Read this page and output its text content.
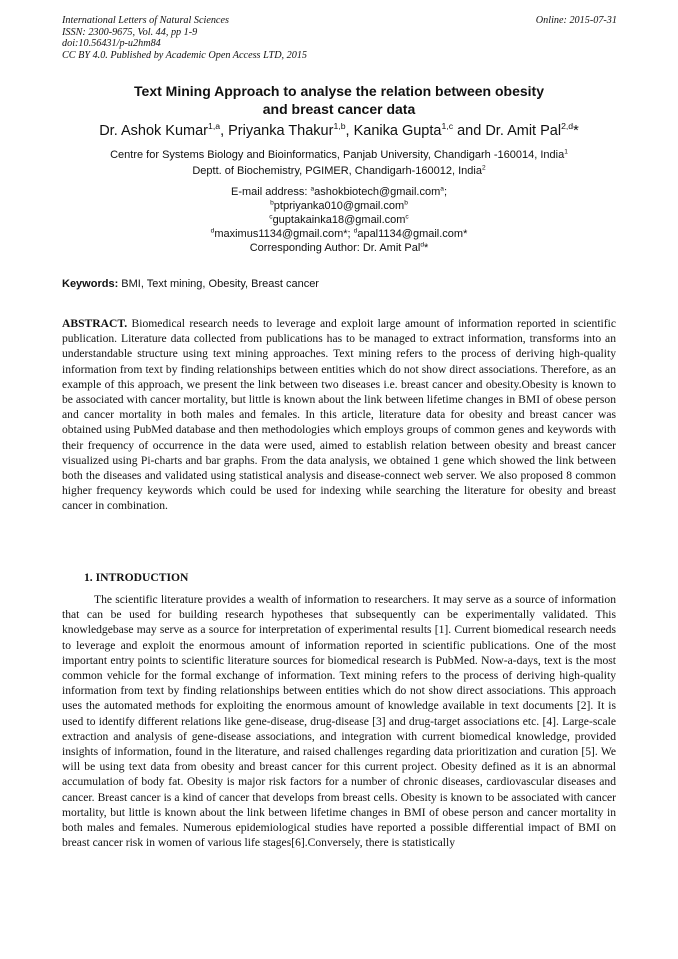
International Letters of Natural Sciences
ISSN: 2300-9675, Vol. 44, pp 1-9
doi:10.56431/p-u2hm84
CC BY 4.0. Published by Academic Open Access LTD, 2015
Online: 2015-07-31
Text Mining Approach to analyse the relation between obesity
and breast cancer data
Dr. Ashok Kumar$^{1,a}$, Priyanka Thakur$^{1,b}$, Kanika Gupta$^{1,c}$ and Dr. Amit Pal$^{2,d}$*
Centre for Systems Biology and Bioinformatics, Panjab University, Chandigarh -160014, India$^1$
Deptt. of Biochemistry, PGIMER, Chandigarh-160012, India$^2$
E-mail address: $^a$ashokbiotech@gmail.com$^a$;
$^b$ptpriyanka010@gmail.com$^b$
$^c$guptakainka18@gmail.com$^c$
$^d$maximus1134@gmail.com*; $^d$apal1134@gmail.com*
Corresponding Author: Dr. Amit Pal$^d$*
Keywords: BMI, Text mining, Obesity, Breast cancer

ABSTRACT. Biomedical research needs to leverage and exploit large amount of information reported in scientific publication. Literature data collected from publications has to be managed to extract information, transforms into an understandable structure using text mining approaches. Text mining refers to the process of deriving high-quality information from text by finding relationships between entities which do not show direct associations. Therefore, as an example of this approach, we present the link between two diseases i.e. breast cancer and obesity.Obesity is known to be associated with cancer mortality, but little is known about the link between lifetime changes in BMI of obese person and cancer mortality in both males and females. In this article, literature data for obesity and breast cancer was obtained using PubMed database and then methodologies which employs groups of common genes and keywords with their frequency of occurrence in the data were used, aimed to establish relation between obesity and breast cancer visualized using Pi-charts and bar graphs. From the data analysis, we obtained 1 gene which showed the link between both the diseases and validated using statistical analysis and disease-connect web server. We also proposed 8 common higher frequency keywords which could be used for indexing while searching the literature for obesity and breast cancer in combination.

1. INTRODUCTION

The scientific literature provides a wealth of information to researchers. It may serve as a source of information that can be used for building research hypotheses that subsequently can be experimentally validated. This knowledgebase may serve as a source for interpretation of experimental results [1]. Current biomedical research needs to leverage and exploit the enormous amount of information reported in scientific publications. One of the most important entry points to scientific literature sources for biomedical research is PubMed. Now-a-days, text is the most common vehicle for the formal exchange of information. Text mining refers to the process of deriving high-quality information from text by finding relationships between entities which do not show direct associations. This approach uses the automated methods for exploiting the enormous amount of knowledge available in text documents [2]. It is used to identify different relations like gene-disease, drug-disease [3] and drug-target associations etc. [4]. Large-scale extraction and analysis of gene-disease associations, and integration with current biomedical knowledge, provided insights of information, found in the literature, and raised challenges regarding data prioritization and curation [5]. We will be using text data from obesity and breast cancer for this current project. Obesity defined as it is an abnormal accumulation of body fat. Obesity is major risk factors for a number of chronic diseases, cardiovascular diseases and cancer. Breast cancer is a kind of cancer that develops from breast cells. Obesity is known to be associated with cancer mortality, but little is known about the link between lifetime changes in BMI of obese person and cancer mortality in both males and females. Numerous epidemiological studies have reported a possible differential impact of BMI on breast cancer risk in women of various life stages[6].Conversely, there is statistically
